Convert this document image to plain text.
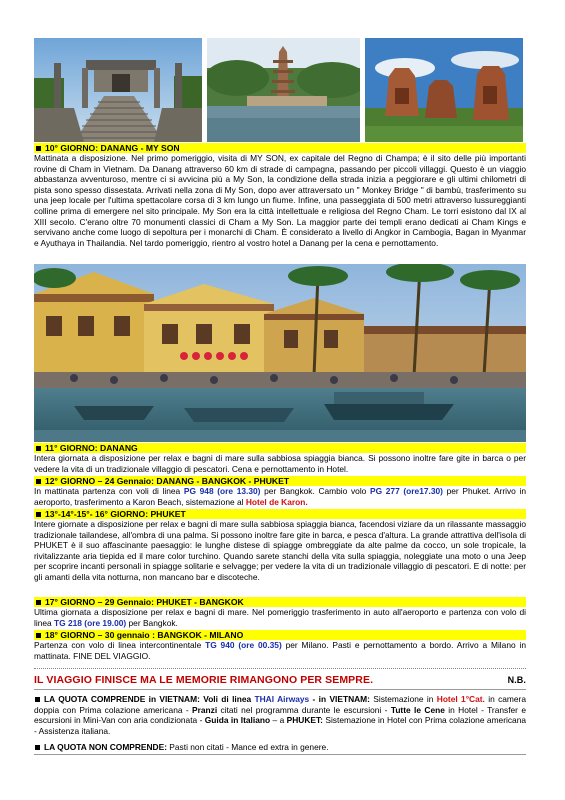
10° GIORNO: DANANG - MY SON
Mattinata a disposizione. Nel primo pomeriggio, visita di MY SON, ex capitale del Regno di Champa; è il sito delle più importanti rovine di Cham in Vietnam. Da Danang attraverso 60 km di strade di campagna, passando per piccoli villaggi. Questo è un viaggio abbastanza avventuroso, mentre ci si avvicina più a My Son, la condizione della strada inizia a peggiorare e gli ultimi chilometri di pista sono spesso dissestata. Arrivati nella zona di My Son, dopo aver attraversato un " Monkey Bridge " di bambù, trasferimento su una jeep locale per l'ultima spettacolare corsa di 3 km lungo un fiume. Infine, una passeggiata di 500 metri attraverso lussureggianti colline prima di emergere nel sito principale. My Son era la città intellettuale e religiosa del Regno Cham. Le torri esistono dal IX al XIII secolo. C'erano oltre 70 monumenti classici di Cham a My Son. La maggior parte dei templi erano dedicati ai Cham Kings e servivano anche come luogo di sepoltura per i monarchi di Cham. È considerato a livello di Angkor in Cambogia, Bagan in Myanmar e Ayuthaya in Thailandia. Nel tardo pomeriggio, rientro al vostro hotel a Danang per la cena e pernottamento.
11° GIORNO: DANANG
Intera giornata a disposizione per relax e bagni di mare sulla sabbiosa spiaggia bianca. Si possono inoltre fare gite in barca o per vedere la vita di un tradizionale villaggio di pescatori. Cena e pernottamento in Hotel.
12° GIORNO – 24 Gennaio: DANANG - BANGKOK - PHUKET
In mattinata partenza con voli di linea PG 948 (ore 13.30) per Bangkok. Cambio volo PG 277 (ore17.30) per Phuket. Arrivo in aeroporto, trasferimento a Karon Beach, sistemazione al Hotel de Karon.
13°-14°-15°- 16° GIORNO: PHUKET
Intere giornate a disposizione per relax e bagni di mare sulla sabbiosa spiaggia bianca, facendosi viziare da un rilassante massaggio tradizionale tailandese, all'ombra di una palma. Si possono inoltre fare gite in barca, e pesca d'altura. La grande attrattiva dell'isola di PHUKET è il suo affascinante paesaggio: le lunghe distese di spiagge ombreggiate da alte palme da cocco, un sole tropicale, la rivitalizzante aria tiepida ed il mare color turchino. Quando sarete stanchi della vita sulla spiaggia, noleggiate una moto o una Jeep per scoprire incanti personali in spiagge solitarie e selvagge; per vedere la vita di un tradizionale villaggio di pescatori. E di notte: per gli amanti della vita notturna, non mancano bar e discoteche.
17° GIORNO – 29 Gennaio: PHUKET - BANGKOK
Ultima giornata a disposizione per relax e bagni di mare. Nel pomeriggio trasferimento in auto all'aeroporto e partenza con volo di linea TG 218 (ore 19.00) per Bangkok.
18° GIORNO – 30 gennaio : BANGKOK - MILANO
Partenza con volo di linea intercontinentale TG 940 (ore 00.35) per Milano. Pasti e pernottamento a bordo. Arrivo a Milano in mattinata. FINE DEL VIAGGIO.
IL VIAGGIO FINISCE MA LE MEMORIE RIMANGONO PER SEMPRE.	N.B.
LA QUOTA COMPRENDE in VIETNAM: Voli di linea THAI Airways - in VIETNAM: Sistemazione in Hotel 1°Cat. in camera doppia con Prima colazione americana - Pranzi citati nel programma durante le escursioni - Tutte le Cene in Hotel - Transfer e escursioni in Mini-Van con aria condizionata - Guida in Italiano – a PHUKET: Sistemazione in Hotel con Prima colazione americana - Assistenza italiana.
LA QUOTA NON COMPRENDE: Pasti non citati - Mance ed extra in genere.
